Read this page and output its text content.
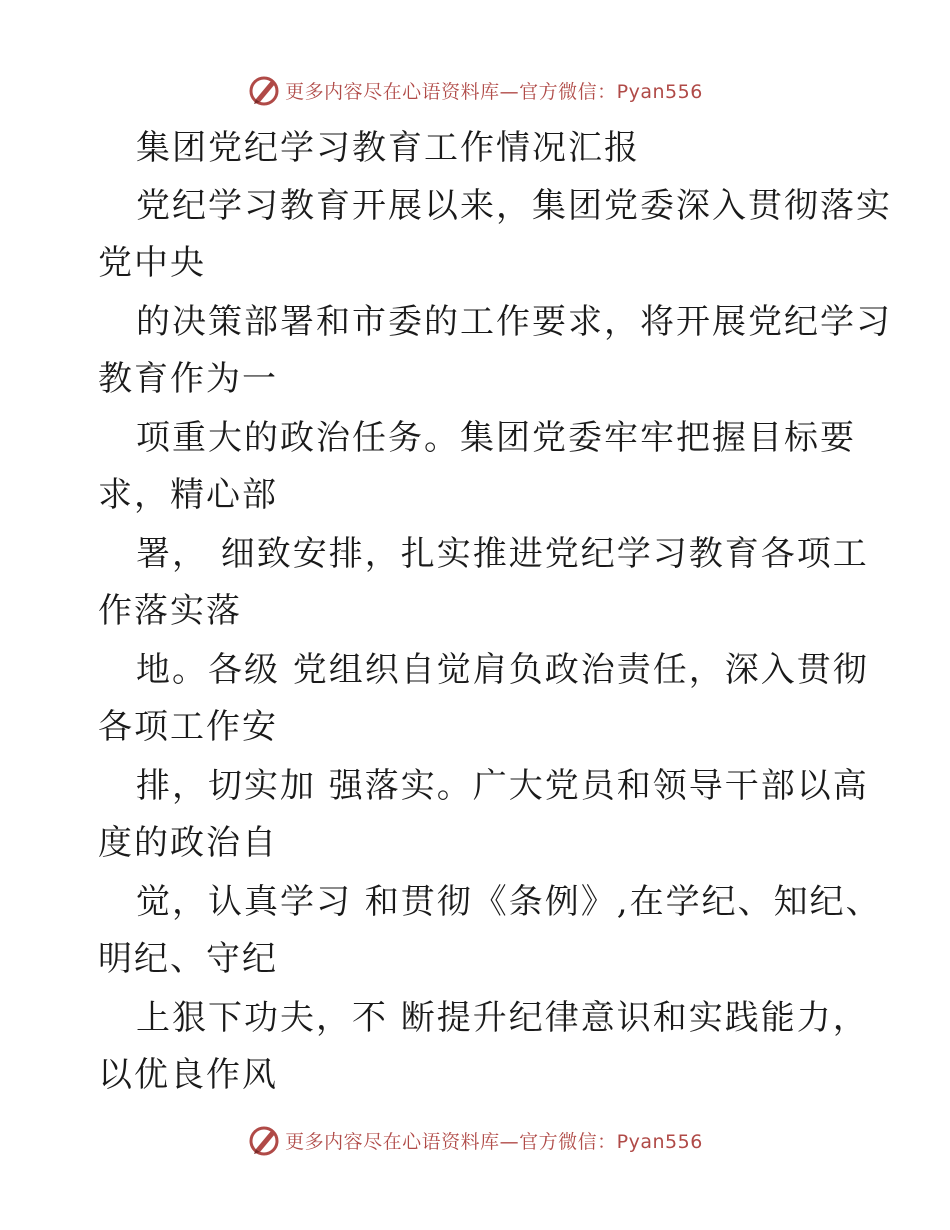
更多内容尽在心语资料库—官方微信：Pyan556
集团党纪学习教育工作情况汇报
党纪学习教育开展以来，集团党委深入贯彻落实
党中央
的决策部署和市委的工作要求，将开展党纪学习
教育作为一
项重大的政治任务。集团党委牢牢把握目标要
求，精心部
署， 细致安排，扎实推进党纪学习教育各项工
作落实落
地。各级 党组织自觉肩负政治责任，深入贯彻
各项工作安
排，切实加 强落实。广大党员和领导干部以高
度的政治自
觉，认真学习 和贯彻《条例》,在学纪、知纪、
明纪、守纪
上狠下功夫，不 断提升纪律意识和实践能力，
以优良作风
更多内容尽在心语资料库—官方微信：Pyan556
